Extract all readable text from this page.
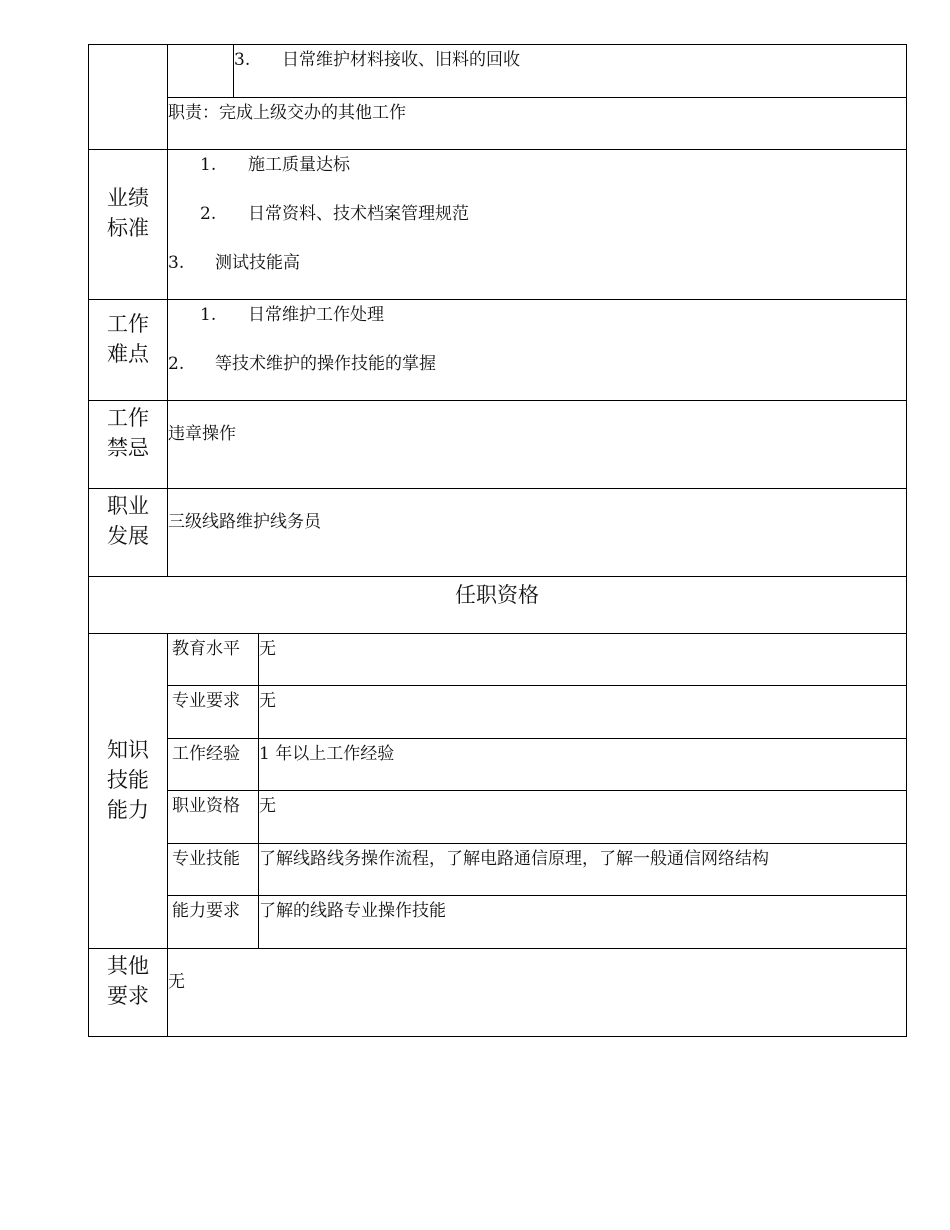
3. 日常维护材料接收、旧料的回收
职责：完成上级交办的其他工作
业绩
标准
1. 施工质量达标
2. 日常资料、技术档案管理规范
3. 测试技能高
工作
难点
1. 日常维护工作处理
2. 等技术维护的操作技能的掌握
工作
禁忌
违章操作
职业
发展
三级线路维护线务员
任职资格
知识
技能
能力
教育水平 无
专业要求 无
工作经验 1 年以上工作经验
职业资格 无
专业技能 了解线路线务操作流程，了解电路通信原理，了解一般通信网络结构
能力要求 了解的线路专业操作技能
其他
要求
无
